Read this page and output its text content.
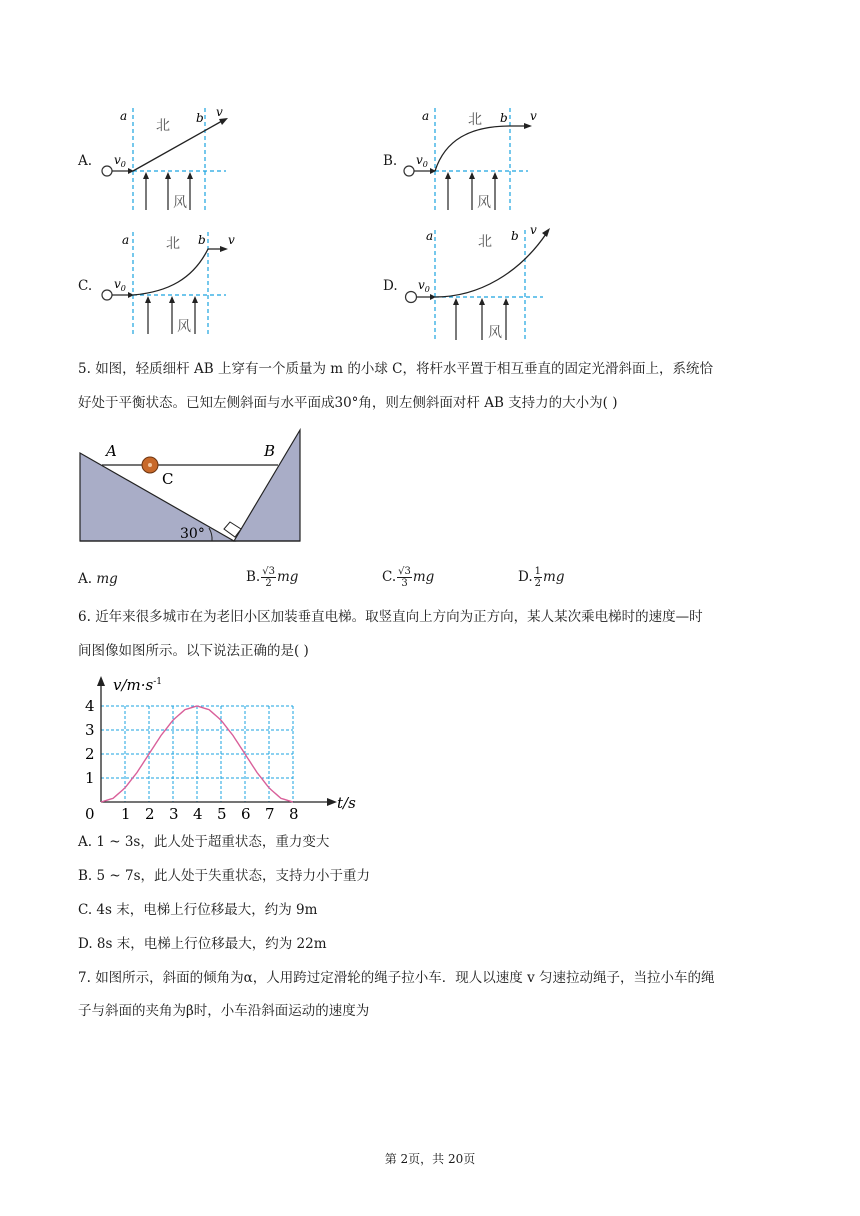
A.
a	b
北
风
$v_0$
v
B.
a	b
北
风
$v_0$
v
C.
a	b
北
风
$v_0$
v
D.
a	b
北
风
$v_0$
v
5. 如图，轻质细杆 AB 上穿有一个质量为 m 的小球 C，将杆水平置于相互垂直的固定光滑斜面上，系统恰
好处于平衡状态。已知左侧斜面与水平面成30°角，则左侧斜面对杆 AB 支持力的大小为( )
A	B
C
30°
A. mg	B. $\frac{√3}{2}$ mg	C. $\frac{√3}{3}$ mg	D. $\frac{1}{2}$ mg
6. 近年来很多城市在为老旧小区加装垂直电梯。取竖直向上方向为正方向，某人某次乘电梯时的速度—时
间图像如图所示。以下说法正确的是( )
0 1 2 3 4 5 6 7 8
1
2
3
4
$v/m\cdot s^{-1}$
t/s
A. 1 ~ 3s，此人处于超重状态，重力变大
B. 5 ~ 7s，此人处于失重状态，支持力小于重力
C. 4s 末，电梯上行位移最大，约为 9m
D. 8s 末，电梯上行位移最大，约为 22m
7. 如图所示，斜面的倾角为α，人用跨过定滑轮的绳子拉小车．现人以速度 v 匀速拉动绳子，当拉小车的绳
子与斜面的夹角为β时，小车沿斜面运动的速度为
第 2页，共 20页
